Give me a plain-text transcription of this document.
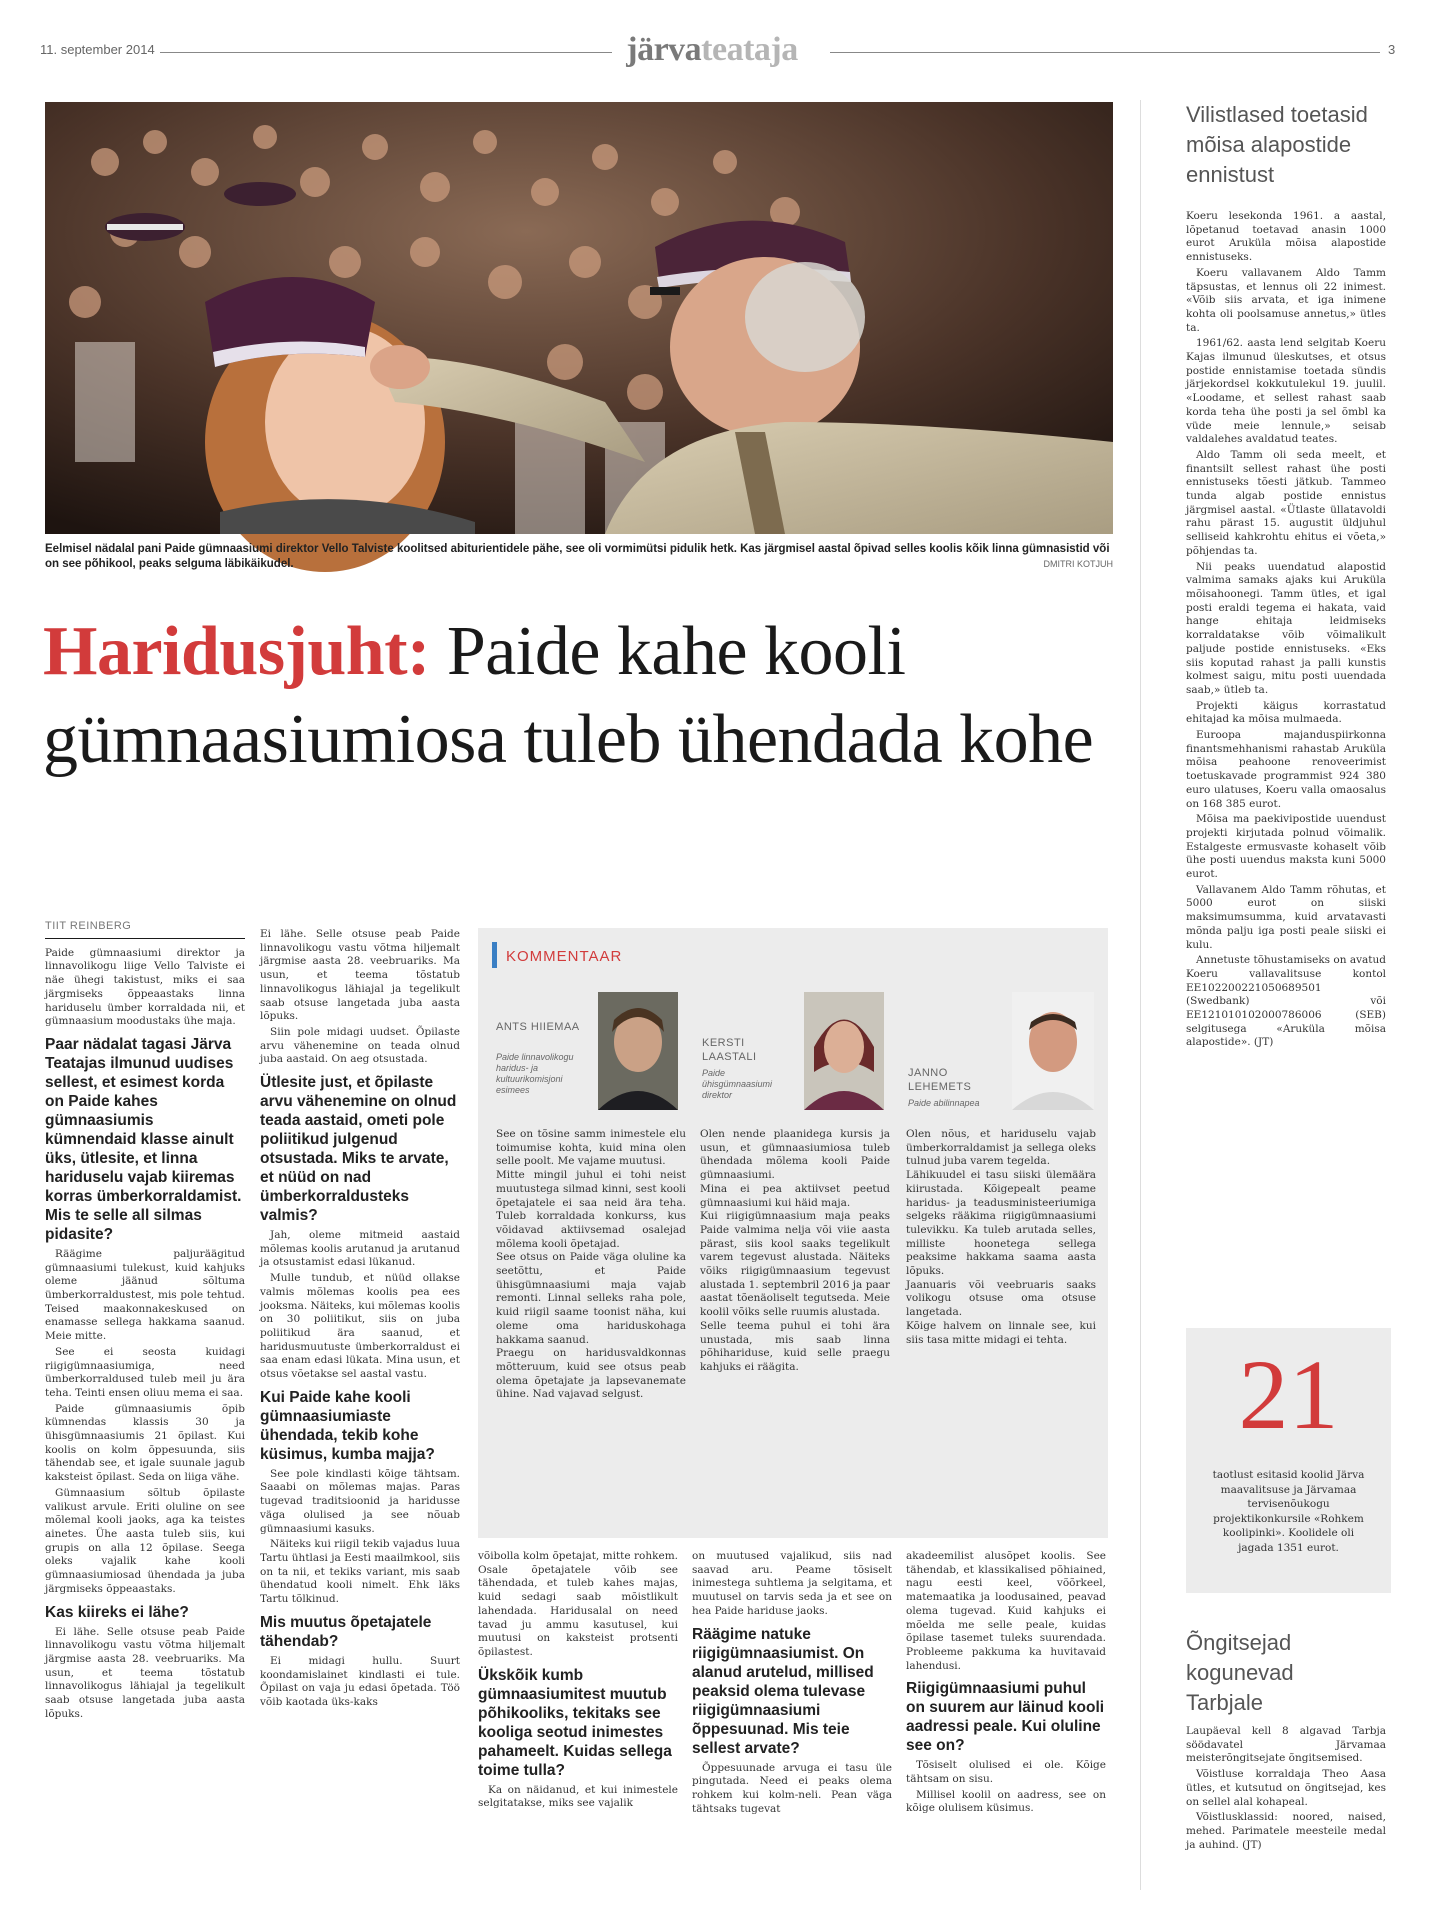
11. september 2014	järvateataja	3
Eelmisel nädalal pani Paide gümnaasiumi direktor Vello Talviste koolitsed abiturientidele pähe, see oli vormimütsi pidulik hetk. Kas järgmisel aastal õpivad selles koolis kõik linna gümnasistid või on see põhikool, peaks selguma läbikäikudel.	DMITRI KOTJUH
Haridusjuht: Paide kahe kooli gümnaasiumiosa tuleb ühendada kohe
TIIT REINBERG

Paide gümnaasiumi direktor ja linnavolikogu liige Vello Talviste ei näe ühegi takistust, miks ei saa järgmiseks õppeaastaks linna hariduselu ümber korraldada nii, et gümnaasium moodustaks ühe maja.

Paar nädalat tagasi Järva Teatajas ilmunud uudises sellest, et esimest korda on Paide kahes gümnaasiumis kümnendaid klasse ainult üks, ütlesite, et linna hariduselu vajab kiiremas korras ümberkorraldamist. Mis te selle all silmas pidasite?

Räägime paljuräägitud gümnaasiumi tulekust, kuid kahjuks oleme jäänud sõltuma ümberkorraldustest, mis pole tehtud. Teised maakonnakeskused on enamasse sellega hakkama saanud. Meie mitte.

See ei seosta kuidagi riigigümnaasiumiga, need ümberkorraldused tuleb meil ju ära teha. Teinti ensen oliuu mema ei saa.

Paide gümnaasiumis õpib kümnendas klassis 30 ja ühisgümnaasiumis 21 õpilast. Kui koolis on kolm õppesuunda, siis tähendab see, et igale suunale jagub kaksteist õpilast. Seda on liiga vähe.

Gümnaasium sõltub õpilaste valikust arvule. Eriti oluline on see mõlemal kooli jaoks, aga ka teistes ainetes. Ühe aasta tuleb siis, kui grupis on alla 12 õpilase. Seega oleks vajalik kahe kooli gümnaasiumiosad ühendada ja juba järgmiseks õppeaastaks.

Kas kiireks ei lähe?

Ei lähe. Selle otsuse peab Paide linnavolikogu vastu võtma hiljemalt järgmise aasta 28. veebruariks. Ma usun, et teema tõstatub linnavolikogus lähiajal ja tegelikult saab otsuse langetada juba aasta lõpuks.

Ei lähe. Selle otsuse peab Paide linnavolikogu vastu võtma hiljemalt järgmise aasta 28. veebruariks. Ma usun, et teema tõstatub linnavolikogus lähiajal ja tegelikult saab otsuse langetada juba aasta lõpuks.

Siin pole midagi uudset. Õpilaste arvu vähenemine on teada olnud juba aastaid. On aeg otsustada.

Ütlesite just, et õpilaste arvu vähenemine on olnud teada aastaid, ometi pole poliitikud julgenud otsustada. Miks te arvate, et nüüd on nad ümberkorraldusteks valmis?

Jah, oleme mitmeid aastaid mõlemas koolis arutanud ja arutanud ja otsustamist edasi lükanud.

Mulle tundub, et nüüd ollakse valmis mõlemas koolis pea ees jooksma. Näiteks, kui mõlemas koolis on 30 poliitikut, siis on juba poliitikud ära saanud, et haridusmuutuste ümberkorraldust ei saa enam edasi lükata. Mina usun, et otsus võetakse sel aastal vastu.

Kui Paide kahe kooli gümnaasiumiaste ühendada, tekib kohe küsimus, kumba majja?

See pole kindlasti kõige tähtsam. Saaabi on mõlemas majas. Paras tugevad traditsioonid ja haridusse väga olulised ja see nõuab gümnaasiumi kasuks.

Näiteks kui riigil tekib vajadus luua Tartu ühtlasi ja Eesti maailmkool, siis on ta nii, et tekiks variant, mis saab ühendatud kooli nimelt. Ehk läks Tartu tõlkinud.

Mis muutus õpetajatele tähendab?

Ei midagi hullu. Suurt koondamislainet kindlasti ei tule. Õpilast on vaja ju edasi õpetada. Töö võib kaotada üks-kaks

KOMMENTAAR
ANTS HIIEMAA
Paide linnavolikogu haridus- ja kultuurikomisjoni esimees
KERSTI LAASTALI
Paide ühisgümnaasiumi direktor
JANNO LEHEMETS
Paide abilinnapea
See on tõsine samm inimestele elu toimumise kohta, kuid mina olen selle poolt. Me vajame muutusi.
Mitte mingil juhul ei tohi neist muutustega silmad kinni, sest kooli õpetajatele ei saa neid ära teha. Tuleb korraldada konkurss, kus võidavad aktiivsemad osalejad mõlema kooli õpetajad.
See otsus on Paide väga oluline ka seetõttu, et Paide ühisgümnaasiumi maja vajab remonti. Linnal selleks raha pole, kuid riigil saame toonist näha, kui oleme oma hariduskohaga hakkama saanud.
Praegu on haridusvaldkonnas mõtteruum, kuid see otsus peab olema õpetajate ja lapsevanemate ühine. Nad vajavad selgust.
Olen nende plaanidega kursis ja usun, et gümnaasiumiosa tuleb ühendada mõlema kooli Paide gümnaasiumi.
Mina ei pea aktiivset peetud gümnaasiumi kui häid maja.
Kui riigigümnaasium maja peaks Paide valmima nelja või viie aasta pärast, siis kool saaks tegelikult varem tegevust alustada. Näiteks võiks riigigümnaasium tegevust alustada 1. septembril 2016 ja paar aastat tõenäoliselt tegutseda. Meie koolil võiks selle ruumis alustada.
Selle teema puhul ei tohi ära unustada, mis saab linna põhihariduse, kuid selle praegu kahjuks ei räägita.
Olen nõus, et hariduselu vajab ümberkorraldamist ja sellega oleks tulnud juba varem tegelda.
Lähikuudel ei tasu siiski ülemäära kiirustada. Kõigepealt peame haridus- ja teadusministeeriumiga selgeks rääkima riigigümnaasiumi tulevikku. Ka tuleb arutada selles, milliste hoonetega sellega peaksime hakkama saama aasta lõpuks.
Jaanuaris või veebruaris saaks volikogu otsuse oma otsuse langetada.
Kõige halvem on linnale see, kui siis tasa mitte midagi ei tehta.

võibolla kolm õpetajat, mitte rohkem. Osale õpetajatele võib see tähendada, et tuleb kahes majas, kuid sedagi saab mõistlikult lahendada. Haridusalal on need tavad ju ammu kasutusel, kui muutusi on kaksteist protsenti õpilastest.

Ükskõik kumb gümnaasiumitest muutub põhikooliks, tekitaks see kooliga seotud inimestes pahameelt. Kuidas sellega toime tulla?

Ka on näidanud, et kui inimestele selgitatakse, miks see vajalik

on muutused vajalikud, siis nad saavad aru. Peame tõsiselt inimestega suhtlema ja selgitama, et muutusel on tarvis seda ja et see on hea Paide hariduse jaoks.

Räägime natuke riigigümnaasiumist. On alanud arutelud, millised peaksid olema tulevase riigigümnaasiumi õppesuunad. Mis teie sellest arvate?

Õppesuunade arvuga ei tasu üle pingutada. Need ei peaks olema rohkem kui kolm-neli. Pean väga tähtsaks tugevat

akadeemilist alusõpet koolis. See tähendab, et klassikalised põhiained, nagu eesti keel, võõrkeel, matemaatika ja loodusained, peavad olema tugevad. Kuid kahjuks ei mõelda me selle peale, kuidas õpilase tasemet tuleks suurendada. Probleeme pakkuma ka huvitavaid lahendusi.

Riigigümnaasiumi puhul on suurem aur läinud kooli aadressi peale. Kui oluline see on?

Tõsiselt olulised ei ole. Kõige tähtsam on sisu.

Millisel koolil on aadress, see on kõige olulisem küsimus.

Vilistlased toetasid mõisa alapostide ennistust

Koeru lesekonda 1961. a aastal, lõpetanud toetavad anasin 1000 eurot Aruküla mõisa alapostide ennistuseks.

Koeru vallavanem Aldo Tamm täpsustas, et lennus oli 22 inimest. «Võib siis arvata, et iga inimene kohta oli poolsamuse annetus,» ütles ta.

1961/62. aasta lend selgitab Koeru Kajas ilmunud üleskutses, et otsus postide ennistamise toetada sündis järjekordsel kokkutulekul 19. juulil. «Loodame, et sellest rahast saab korda teha ühe posti ja sel õmbl ka vüde meie lennule,» seisab valdalehes avaldatud teates.

Aldo Tamm oli seda meelt, et finantsilt sellest rahast ühe posti ennistuseks tõesti jätkub. Tammeo tunda algab postide ennistus järgmisel aastal. «Ütlaste üllatavoldi rahu pärast 15. augustit üldjuhul selliseid kahkrohtu ehitus ei võeta,» põhjendas ta.

Nii peaks uuendatud alapostid valmima samaks ajaks kui Aruküla mõisahoonegi. Tamm ütles, et igal posti eraldi tegema ei hakata, vaid hange ehitaja leidmiseks korraldatakse võib võimalikult paljude postide ennistuseks. «Eks siis koputad rahast ja palli kunstis kolmest saigu, mitu posti uuendada saab,» ütleb ta.

Projekti käigus korrastatud ehitajad ka mõisa mulmaeda.

Euroopa majanduspiirkonna finantsmehhanismi rahastab Aruküla mõisa peahoone renoveerimist toetuskavade programmist 924 380 euro ulatuses, Koeru valla omaosalus on 168 385 eurot.

Mõisa ma paekivipostide uuendust projekti kirjutada polnud võimalik. Estalgeste ermusvaste kohaselt võib ühe posti uuendus maksta kuni 5000 eurot.

Vallavanem Aldo Tamm rõhutas, et 5000 eurot on siiski maksimumsumma, kuid arvatavasti mõnda palju iga posti peale siiski ei kulu.

Annetuste tõhustamiseks on avatud Koeru vallavalitsuse kontol EE102200221050689501 (Swedbank) või EE121010102000786006 (SEB) selgitusega «Aruküla mõisa alapostide». (JT)

21
taotlust esitasid koolid Järva maavalitsuse ja Järvamaa tervisenõukogu projektikonkursile «Rohkem koolipinki». Koolidele oli jagada 1351 eurot.
Õngitsejad kogunevad Tarbjale

Laupäeval kell 8 algavad Tarbja söödavatel Järvamaa meisterõngitsejate õngitsemised.

Võistluse korraldaja Theo Aasa ütles, et kutsutud on õngitsejad, kes on sellel alal kohapeal.

Võistlusklassid: noored, naised, mehed. Parimatele meesteile medal ja auhind. (JT)
